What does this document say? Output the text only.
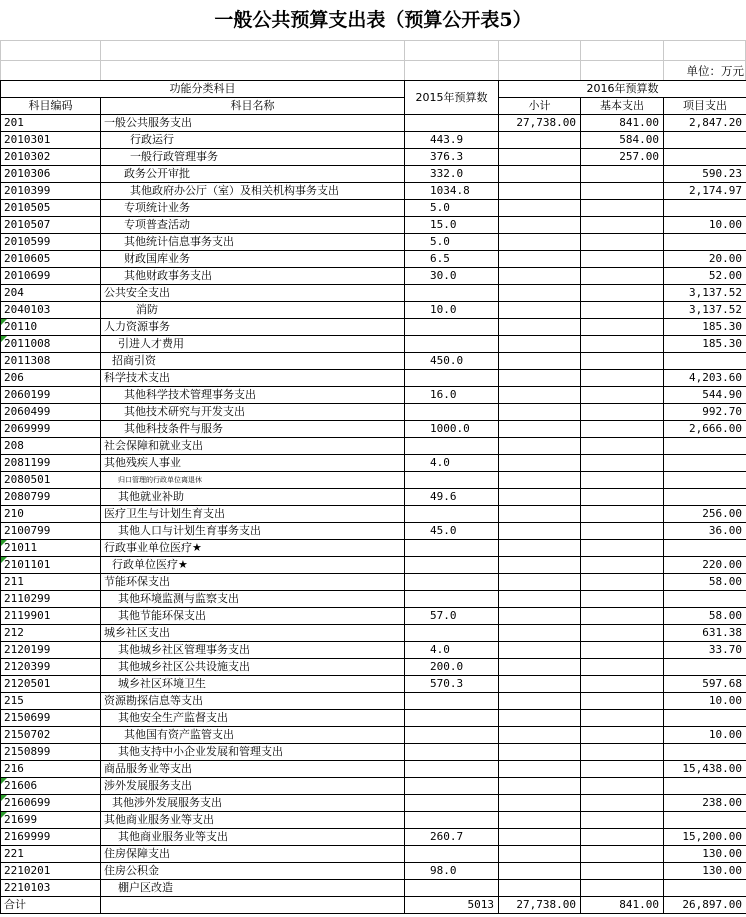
一般公共预算支出表（预算公开表5）
单位：万元
功能分类科目		2015年预算数	2016年预算数		
科目编码	科目名称		小计	基本支出	项目支出
201	一般公共服务支出		27,738.00	841.00	2,847.20
2010301	行政运行	443.9		584.00	
2010302	一般行政管理事务	376.3		257.00	
2010306	政务公开审批	332.0			590.23
2010399	其他政府办公厅（室）及相关机构事务支出	1034.8			2,174.97
2010505	专项统计业务	5.0			
2010507	专项普查活动	15.0			10.00
2010599	其他统计信息事务支出	5.0			
2010605	财政国库业务	6.5			20.00
2010699	其他财政事务支出	30.0			52.00
204	公共安全支出				3,137.52
2040103	消防	10.0			3,137.52
20110	人力资源事务				185.30
2011008	引进人才费用				185.30
2011308	招商引资	450.0			
206	科学技术支出				4,203.60
2060199	其他科学技术管理事务支出	16.0			544.90
2060499	其他技术研究与开发支出				992.70
2069999	其他科技条件与服务	1000.0			2,666.00
208	社会保障和就业支出				
2081199	其他残疾人事业	4.0			
2080501	归口管理的行政单位离退休				
2080799	其他就业补助	49.6			
210	医疗卫生与计划生育支出				256.00
2100799	其他人口与计划生育事务支出	45.0			36.00
21011	行政事业单位医疗★				
2101101	行政单位医疗★				220.00
211	节能环保支出				58.00
2110299	其他环境监测与监察支出				
2119901	其他节能环保支出	57.0			58.00
212	城乡社区支出				631.38
2120199	其他城乡社区管理事务支出	4.0			33.70
2120399	其他城乡社区公共设施支出	200.0			
2120501	城乡社区环境卫生	570.3			597.68
215	资源勘探信息等支出				10.00
2150699	其他安全生产监督支出				
2150702	其他国有资产监管支出				10.00
2150899	其他支持中小企业发展和管理支出				
216	商品服务业等支出				15,438.00
21606	涉外发展服务支出				
2160699	其他涉外发展服务支出				238.00
21699	其他商业服务业等支出				
2169999	其他商业服务业等支出	260.7			15,200.00
221	住房保障支出				130.00
2210201	住房公积金	98.0			130.00
2210103	棚户区改造				
合计		5013	27,738.00	841.00	26,897.00
